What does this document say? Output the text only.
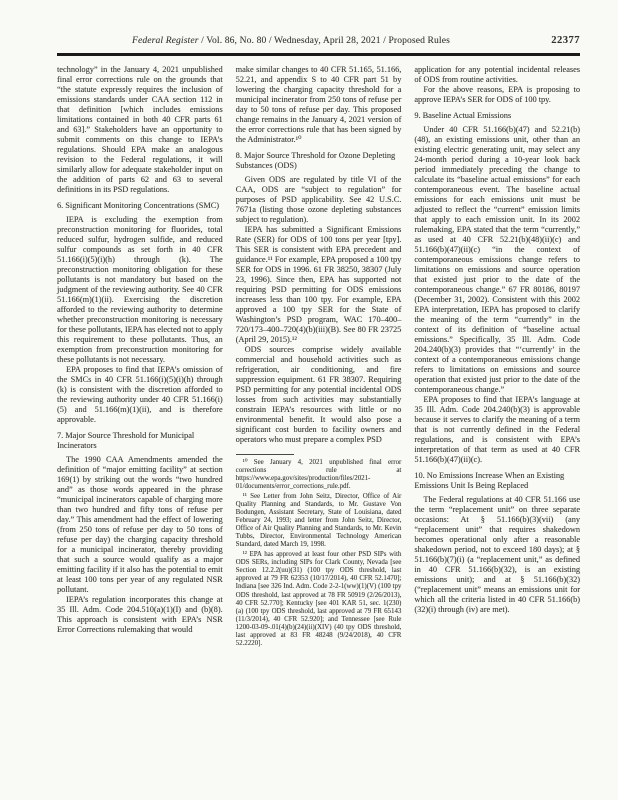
Federal Register / Vol. 86, No. 80 / Wednesday, April 28, 2021 / Proposed Rules	22377

technology” in the January 4, 2021 unpublished final error corrections rule on the grounds that “the statute expressly requires the inclusion of emissions standards under CAA section 112 in that definition [which includes emissions limitations contained in both 40 CFR parts 61 and 63].” Stakeholders have an opportunity to submit comments on this change to IEPA’s regulations. Should EPA make an analogous revision to the Federal regulations, it will similarly allow for adequate stakeholder input on the addition of parts 62 and 63 to several definitions in its PSD regulations.

6. Significant Monitoring Concentrations (SMC)

IEPA is excluding the exemption from preconstruction monitoring for fluorides, total reduced sulfur, hydrogen sulfide, and reduced sulfur compounds as set forth in 40 CFR 51.166(i)(5)(i)(h) through (k). The preconstruction monitoring obligation for these pollutants is not mandatory but based on the judgment of the reviewing authority. See 40 CFR 51.166(m)(1)(ii). Exercising the discretion afforded to the reviewing authority to determine whether preconstruction monitoring is necessary for these pollutants, IEPA has elected not to apply this requirement to these pollutants. Thus, an exemption from preconstruction monitoring for these pollutants is not necessary.

EPA proposes to find that IEPA’s omission of the SMCs in 40 CFR 51.166(i)(5)(i)(h) through (k) is consistent with the discretion afforded to the reviewing authority under 40 CFR 51.166(i)(5) and 51.166(m)(1)(ii), and is therefore approvable.

7. Major Source Threshold for Municipal Incinerators

The 1990 CAA Amendments amended the definition of “major emitting facility” at section 169(1) by striking out the words “two hundred and” as those words appeared in the phrase “municipal incinerators capable of charging more than two hundred and fifty tons of refuse per day.” This amendment had the effect of lowering (from 250 tons of refuse per day to 50 tons of refuse per day) the charging capacity threshold for a municipal incinerator, thereby providing that such a source would qualify as a major emitting facility if it also has the potential to emit at least 100 tons per year of any regulated NSR pollutant.

IEPA’s regulation incorporates this change at 35 Ill. Adm. Code 204.510(a)(1)(I) and (b)(8). This approach is consistent with EPA’s NSR Error Corrections rulemaking that would

make similar changes to 40 CFR 51.165, 51.166, 52.21, and appendix S to 40 CFR part 51 by lowering the charging capacity threshold for a municipal incinerator from 250 tons of refuse per day to 50 tons of refuse per day. This proposed change remains in the January 4, 2021 version of the error corrections rule that has been signed by the Administrator.¹⁰

8. Major Source Threshold for Ozone Depleting Substances (ODS)

Given ODS are regulated by title VI of the CAA, ODS are “subject to regulation” for purposes of PSD applicability. See 42 U.S.C. 7671a (listing those ozone depleting substances subject to regulation).

IEPA has submitted a Significant Emissions Rate (SER) for ODS of 100 tons per year [tpy]. This SER is consistent with EPA precedent and guidance.¹¹ For example, EPA proposed a 100 tpy SER for ODS in 1996. 61 FR 38250, 38307 (July 23, 1996). Since then, EPA has supported not requiring PSD permitting for ODS emissions increases less than 100 tpy. For example, EPA approved a 100 tpy SER for the State of Washington’s PSD program, WAC 170–400–720/173–400–720(4)(b)(iii)(B). See 80 FR 23725 (April 29, 2015).¹²

ODS sources comprise widely available commercial and household activities such as refrigeration, air conditioning, and fire suppression equipment. 61 FR 38307. Requiring PSD permitting for any potential incidental ODS losses from such activities may substantially constrain IEPA’s resources with little or no environmental benefit. It would also pose a significant cost burden to facility owners and operators who must prepare a complex PSD

¹⁰ See January 4, 2021 unpublished final error corrections rule at https://www.epa.gov/sites/production/files/2021-01/documents/error_corrections_rule.pdf.

¹¹ See Letter from John Seitz, Director, Office of Air Quality Planning and Standards, to Mr. Gustave Von Bodungen, Assistant Secretary, State of Louisiana, dated February 24, 1993; and letter from John Seitz, Director, Office of Air Quality Planning and Standards, to Mr. Kevin Tubbs, Director, Environmental Technology American Standard, dated March 19, 1998.

¹² EPA has approved at least four other PSD SIPs with ODS SERs, including SIPs for Clark County, Nevada [see Section 12.2.2(uu)(31) (100 tpy ODS threshold, last approved at 79 FR 62353 (10/17/2014), 40 CFR 52.1470]; Indiana [see 326 Ind. Adm. Code 2-2-1(ww)(1)(V) (100 tpy ODS threshold, last approved at 78 FR 50919 (2/26/2013), 40 CFR 52.770]; Kentucky [see 401 KAR 51, sec. 1(230)(a) (100 tpy ODS threshold, last approved at 79 FR 65143 (11/3/2014), 40 CFR 52.920]; and Tennessee [see Rule 1200-03-09-.01(4)(b)(24)(ii)(XIV) (40 tpy ODS threshold, last approved at 83 FR 48248 (9/24/2018), 40 CFR 52.2220].

application for any potential incidental releases of ODS from routine activities.

For the above reasons, EPA is proposing to approve IEPA’s SER for ODS of 100 tpy.

9. Baseline Actual Emissions

Under 40 CFR 51.166(b)(47) and 52.21(b)(48), an existing emissions unit, other than an existing electric generating unit, may select any 24-month period during a 10-year look back period immediately preceding the change to calculate its “baseline actual emissions” for each contemporaneous event. The baseline actual emissions for each emissions unit must be adjusted to reflect the “current” emission limits that apply to each emission unit. In its 2002 rulemaking, EPA stated that the term “currently,” as used at 40 CFR 52.21(b)(48)(ii)(c) and 51.166(b)(47)(ii)(c) “in the context of contemporaneous emissions change refers to limitations on emissions and source operation that existed just prior to the date of the contemporaneous change.” 67 FR 80186, 80197 (December 31, 2002). Consistent with this 2002 EPA interpretation, IEPA has proposed to clarify the meaning of the term “currently” in the context of its definition of “baseline actual emissions.” Specifically, 35 Ill. Adm. Code 204.240(b)(3) provides that “‘currently’ in the context of a contemporaneous emissions change refers to limitations on emissions and source operation that existed just prior to the date of the contemporaneous change.”

EPA proposes to find that IEPA’s language at 35 Ill. Adm. Code 204.240(b)(3) is approvable because it serves to clarify the meaning of a term that is not currently defined in the Federal regulations, and is consistent with EPA’s interpretation of that term as used at 40 CFR 51.166(b)(47)(ii)(c).

10. No Emissions Increase When an Existing Emissions Unit Is Being Replaced

The Federal regulations at 40 CFR 51.166 use the term “replacement unit” on three separate occasions: At § 51.166(b)(3)(vii) (any “replacement unit” that requires shakedown becomes operational only after a reasonable shakedown period, not to exceed 180 days); at § 51.166(b)(7)(i) (a “replacement unit,” as defined in 40 CFR 51.166(b)(32), is an existing emissions unit); and at § 51.166(b)(32) (“replacement unit” means an emissions unit for which all the criteria listed in 40 CFR 51.166(b)(32)(i) through (iv) are met).
